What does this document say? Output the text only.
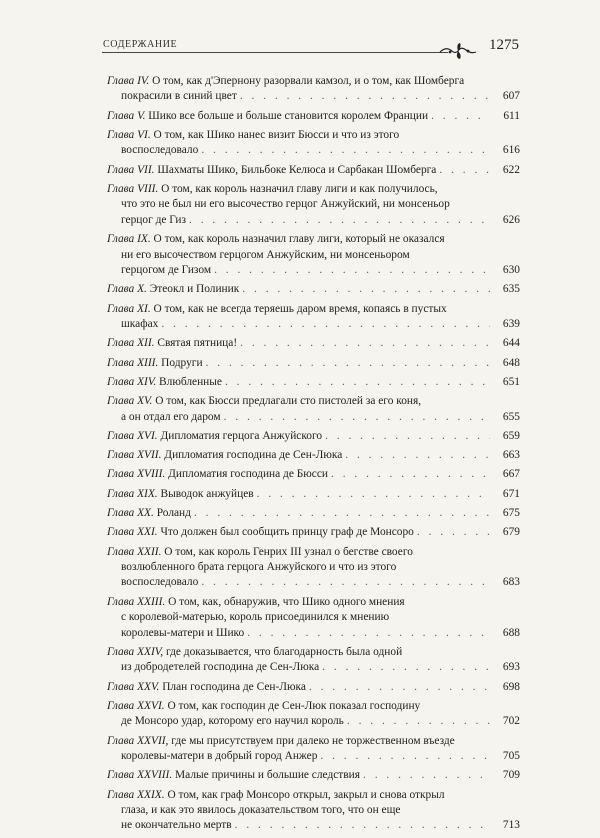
СОДЕРЖАНИЕ	1275
Глава IV. О том, как д'Эпернону разорвали камзол, и о том, как Шомберга
покрасили в синий цвет . . .	607
Глава V. Шико все больше и больше становится королем Франции . . .	611
Глава VI. О том, как Шико нанес визит Бюсси и что из этого
воспоследовало . . .	616
Глава VII. Шахматы Шико, Бильбоке Келюса и Сарбакан Шомберга . . .	622
Глава VIII. О том, как король назначил главу лиги и как получилось,
что это не был ни его высочество герцог Анжуйский, ни монсеньор
герцог де Гиз . . .	626
Глава IX. О том, как король назначил главу лиги, который не оказался
ни его высочеством герцогом Анжуйским, ни монсеньором
герцогом де Гизом . . .	630
Глава X. Этеокл и Полиник . . .	635
Глава XI. О том, как не всегда теряешь даром время, копаясь в пустых
шкафах . . .	639
Глава XII. Святая пятница! . . .	644
Глава XIII. Подруги . . .	648
Глава XIV. Влюбленные . . .	651
Глава XV. О том, как Бюсси предлагали сто пистолей за его коня,
а он отдал его даром . . .	655
Глава XVI. Дипломатия герцога Анжуйского . . .	659
Глава XVII. Дипломатия господина де Сен-Люка . . .	663
Глава XVIII. Дипломатия господина де Бюсси . . .	667
Глава XIX. Выводок анжуйцев . . .	671
Глава XX. Роланд . . .	675
Глава XXI. Что должен был сообщить принцу граф де Монсоро . . .	679
Глава XXII. О том, как король Генрих III узнал о бегстве своего
возлюбленного брата герцога Анжуйского и что из этого
воспоследовало . . .	683
Глава XXIII. О том, как, обнаружив, что Шико одного мнения
с королевой-матерью, король присоединился к мнению
королевы-матери и Шико . . .	688
Глава XXIV, где доказывается, что благодарность была одной
из добродетелей господина де Сен-Люка . . .	693
Глава XXV. План господина де Сен-Люка . . .	698
Глава XXVI. О том, как господин де Сен-Люк показал господину
де Монсоро удар, которому его научил король . . .	702
Глава XXVII, где мы присутствуем при далеко не торжественном въезде
королевы-матери в добрый город Анжер . . .	705
Глава XXVIII. Малые причины и большие следствия . . .	709
Глава XXIX. О том, как граф Монсоро открыл, закрыл и снова открыл
глаза, и как это явилось доказательством того, что он еще
не окончательно мертв . . .	713
